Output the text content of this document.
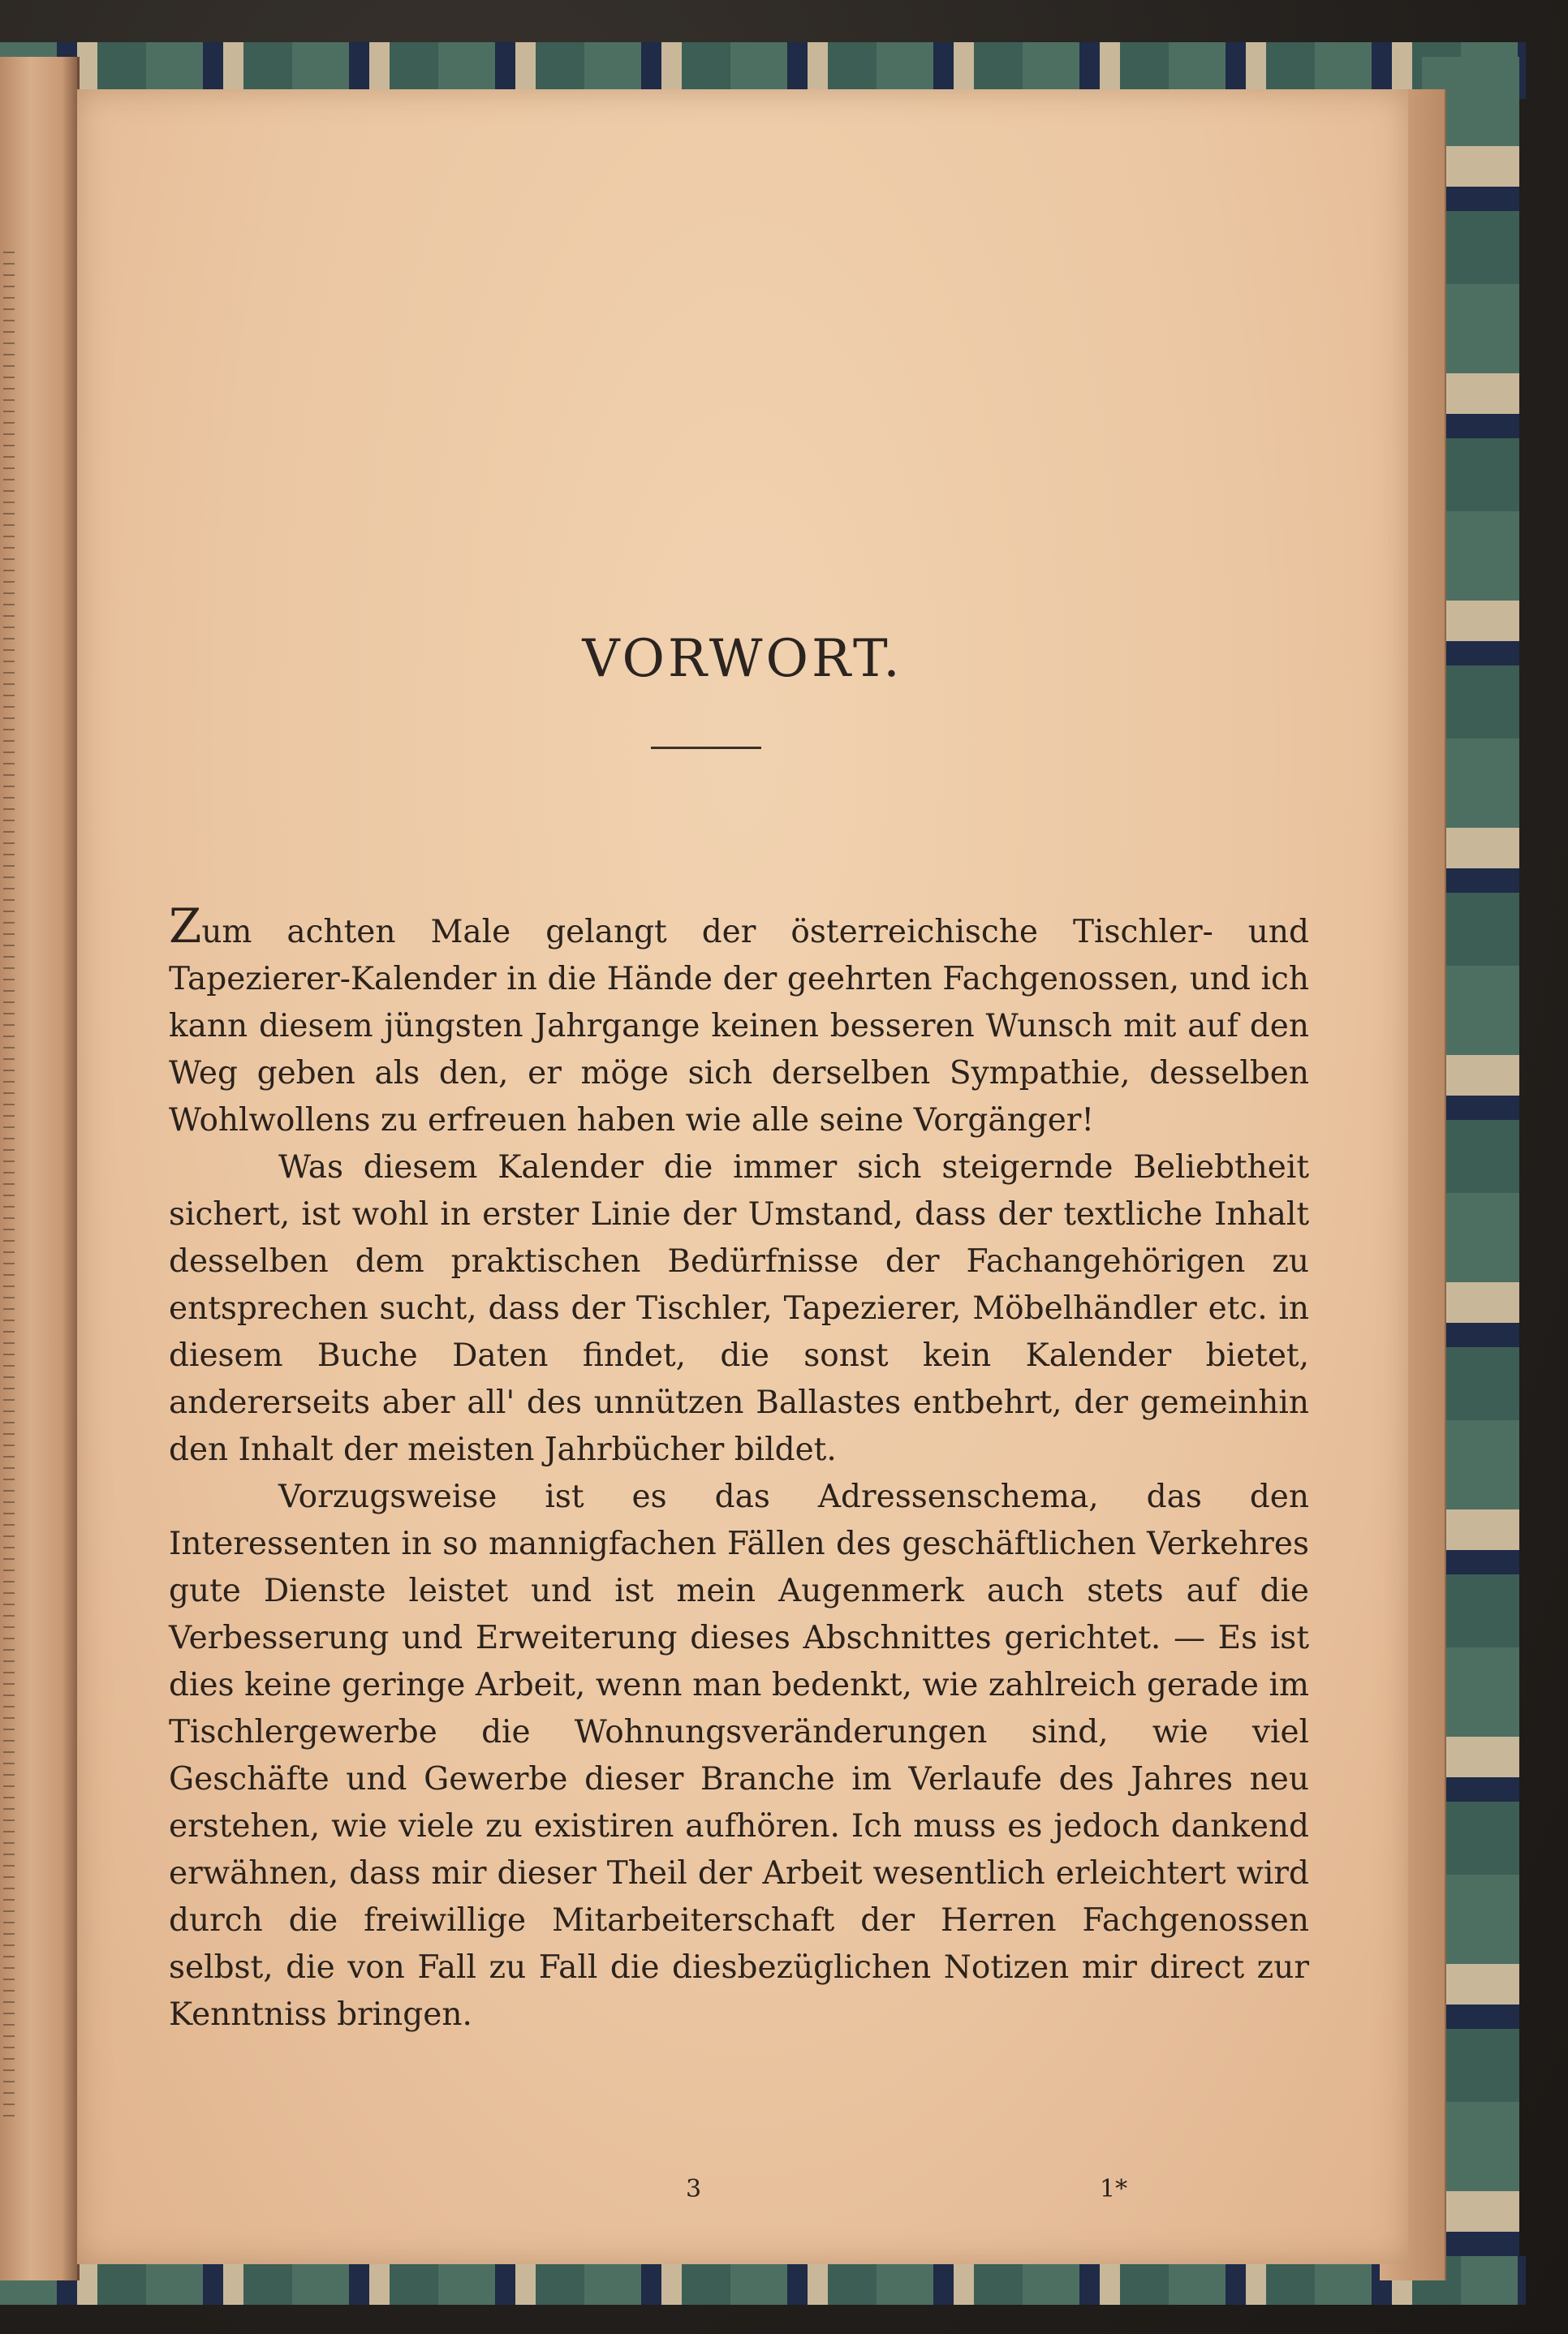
VORWORT.

Zum achten Male gelangt der österreichische Tischler- und Tapezierer-Kalender in die Hände der geehrten Fachgenossen, und ich kann diesem jüngsten Jahrgange keinen besseren Wunsch mit auf den Weg geben als den, er möge sich derselben Sympathie, desselben Wohlwollens zu erfreuen haben wie alle seine Vorgänger!

Was diesem Kalender die immer sich steigernde Beliebtheit sichert, ist wohl in erster Linie der Umstand, dass der textliche Inhalt desselben dem praktischen Bedürfnisse der Fachangehörigen zu entsprechen sucht, dass der Tischler, Tapezierer, Möbelhändler etc. in diesem Buche Daten findet, die sonst kein Kalender bietet, andererseits aber all' des unnützen Ballastes entbehrt, der gemeinhin den Inhalt der meisten Jahrbücher bildet.

Vorzugsweise ist es das Adressenschema, das den Interessenten in so mannigfachen Fällen des geschäftlichen Verkehres gute Dienste leistet und ist mein Augenmerk auch stets auf die Verbesserung und Erweiterung dieses Abschnittes gerichtet. — Es ist dies keine geringe Arbeit, wenn man bedenkt, wie zahlreich gerade im Tischlergewerbe die Wohnungsveränderungen sind, wie viel Geschäfte und Gewerbe dieser Branche im Verlaufe des Jahres neu erstehen, wie viele zu existiren aufhören. Ich muss es jedoch dankend erwähnen, dass mir dieser Theil der Arbeit wesentlich erleichtert wird durch die freiwillige Mitarbeiterschaft der Herren Fachgenossen selbst, die von Fall zu Fall die diesbezüglichen Notizen mir direct zur Kenntniss bringen.

3	1*
